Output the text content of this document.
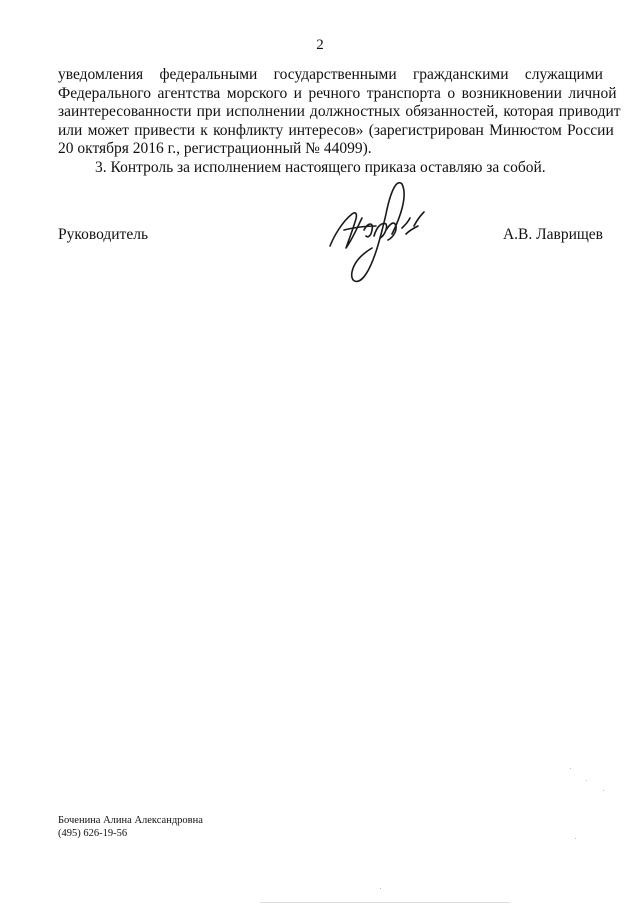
2
уведомления федеральными государственными гражданскими служащими
Федерального агентства морского и речного транспорта о возникновении личной
заинтересованности при исполнении должностных обязанностей, которая приводит
или может привести к конфликту интересов» (зарегистрирован Минюстом России
20 октября 2016 г., регистрационный № 44099).
3. Контроль за исполнением настоящего приказа оставляю за собой.
Руководитель	А.В. Лаврищев
Боченина Алина Александровна
(495) 626-19-56
